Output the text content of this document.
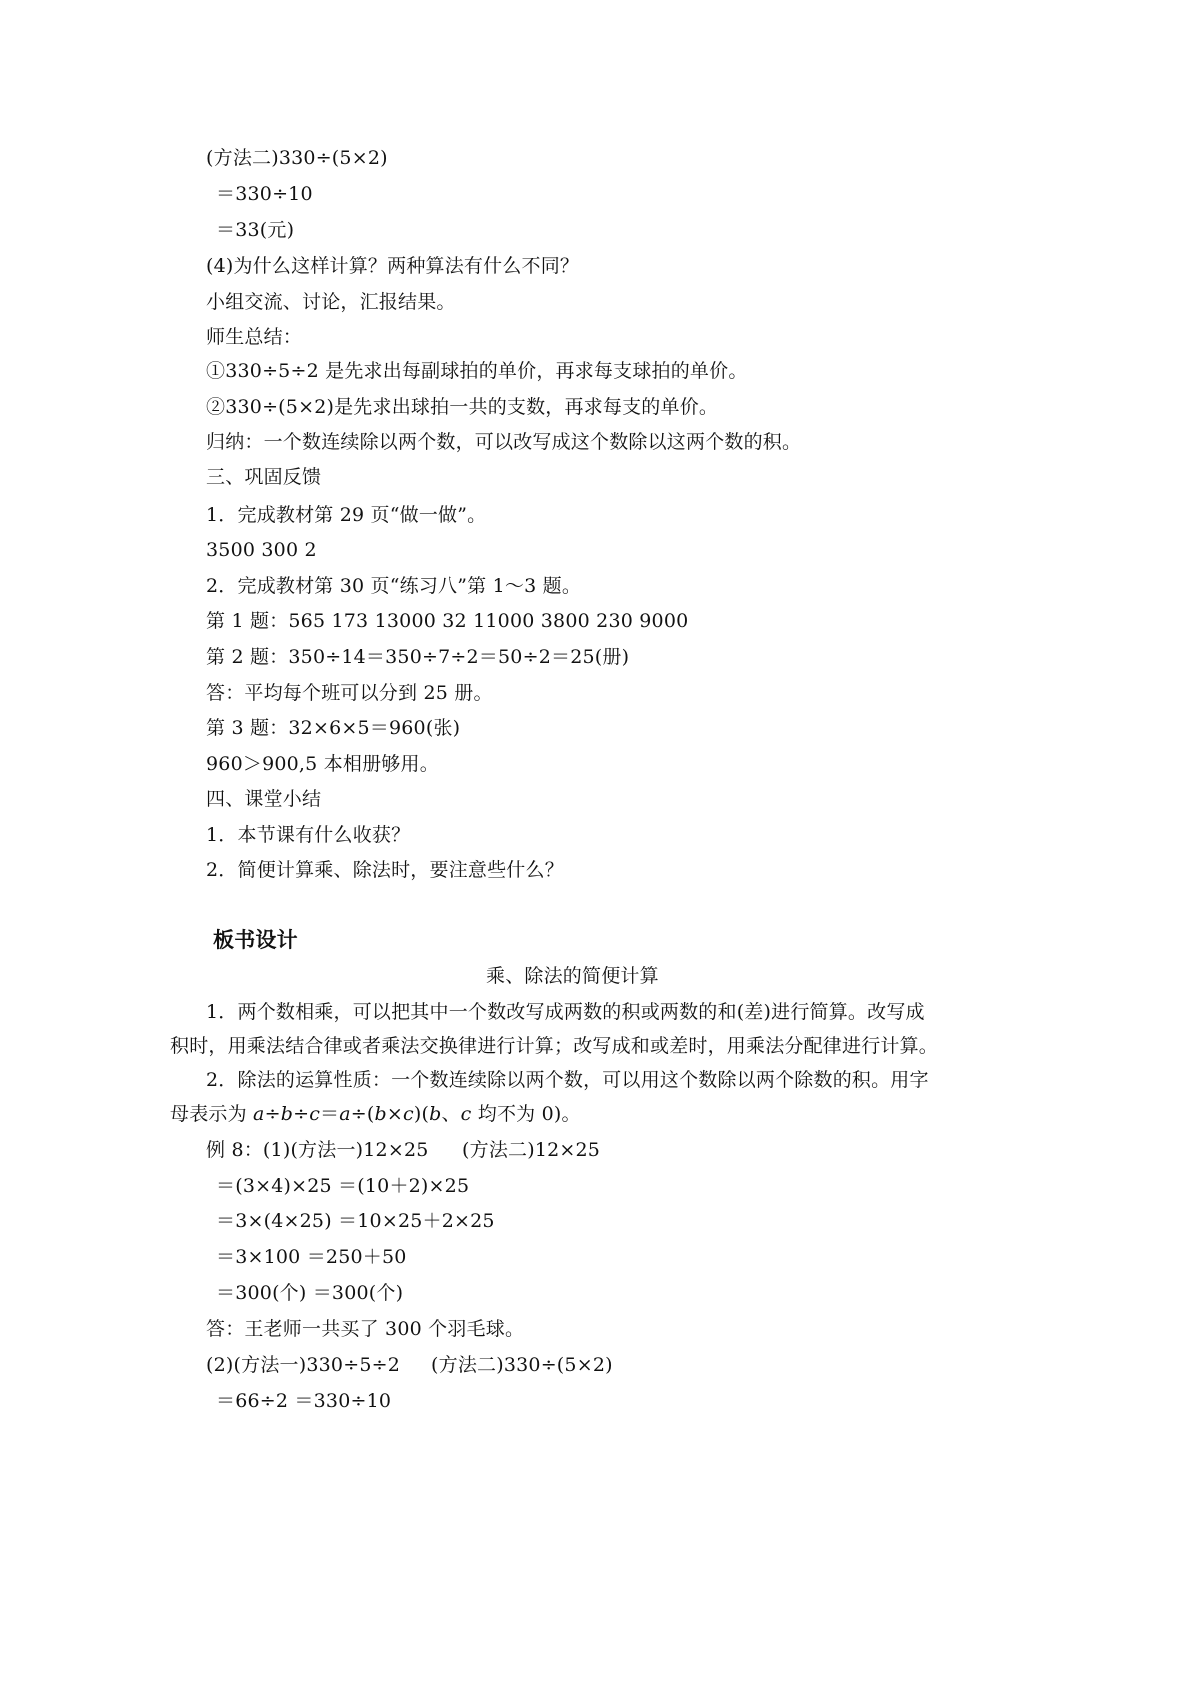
(方法二)330÷(5×2)
＝330÷10
＝33(元)
(4)为什么这样计算？两种算法有什么不同？
小组交流、讨论，汇报结果。
师生总结：
①330÷5÷2 是先求出每副球拍的单价，再求每支球拍的单价。
②330÷(5×2)是先求出球拍一共的支数，再求每支的单价。
归纳：一个数连续除以两个数，可以改写成这个数除以这两个数的积。
三、巩固反馈
1．完成教材第 29 页“做一做”。
3500 300 2
2．完成教材第 30 页“练习八”第 1～3 题。
第 1 题：565 173 13000 32 11000 3800 230 9000
第 2 题：350÷14＝350÷7÷2＝50÷2＝25(册)
答：平均每个班可以分到 25 册。
第 3 题：32×6×5＝960(张)
960＞900,5 本相册够用。
四、课堂小结
1．本节课有什么收获？
2．简便计算乘、除法时，要注意些什么？
板书设计
乘、除法的简便计算
1．两个数相乘，可以把其中一个数改写成两数的积或两数的和(差)进行简算。改写成
积时，用乘法结合律或者乘法交换律进行计算；改写成和或差时，用乘法分配律进行计算。
2．除法的运算性质：一个数连续除以两个数，可以用这个数除以两个除数的积。用字
母表示为 a÷b÷c＝a÷(b×c)(b、c 均不为 0)。
例 8：(1)(方法一)12×25 (方法二)12×25
＝(3×4)×25 ＝(10＋2)×25
＝3×(4×25) ＝10×25＋2×25
＝3×100 ＝250＋50
＝300(个) ＝300(个)
答：王老师一共买了 300 个羽毛球。
(2)(方法一)330÷5÷2 (方法二)330÷(5×2)
＝66÷2 ＝330÷10
